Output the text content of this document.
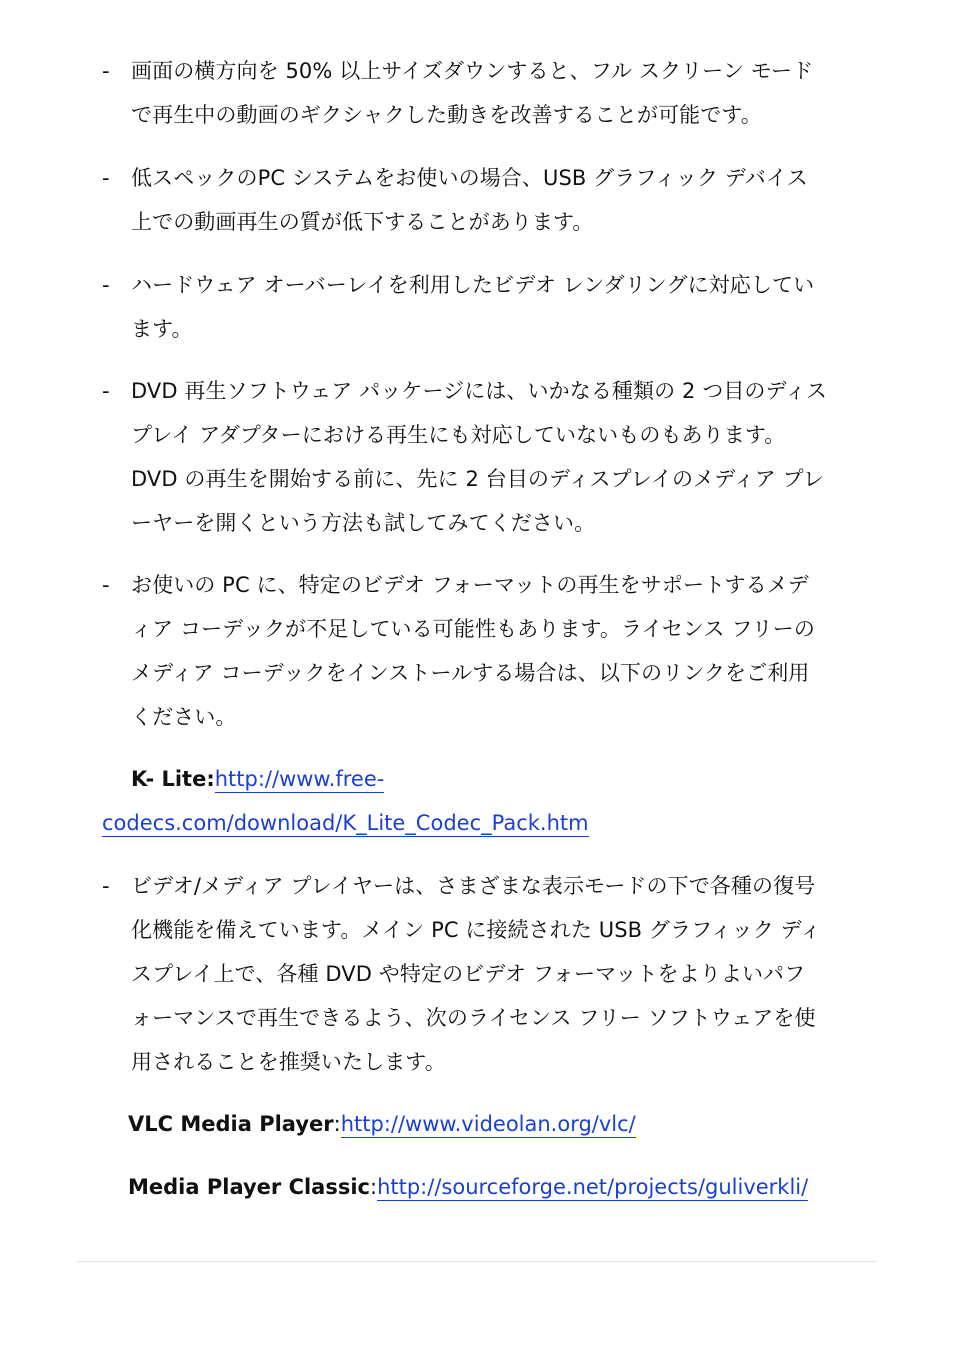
- 画面の横方向を 50% 以上サイズダウンすると、フル スクリーン モード
で再生中の動画のギクシャクした動きを改善することが可能です。
- 低スペックのPC システムをお使いの場合、USB グラフィック デバイス
上での動画再生の質が低下することがあります。
- ハードウェア オーバーレイを利用したビデオ レンダリングに対応してい
ます。
- DVD 再生ソフトウェア パッケージには、いかなる種類の 2 つ目のディス
プレイ アダプターにおける再生にも対応していないものもあります。
DVD の再生を開始する前に、先に 2 台目のディスプレイのメディア プレ
ーヤーを開くという方法も試してみてください。
- お使いの PC に、特定のビデオ フォーマットの再生をサポートするメデ
ィア コーデックが不足している可能性もあります。ライセンス フリーの
メディア コーデックをインストールする場合は、以下のリンクをご利用
ください。
K- Lite:http://www.free-
codecs.com/download/K_Lite_Codec_Pack.htm
- ビデオ/メディア プレイヤーは、さまざまな表示モードの下で各種の復号
化機能を備えています。メイン PC に接続された USB グラフィック ディ
スプレイ上で、各種 DVD や特定のビデオ フォーマットをよりよいパフ
ォーマンスで再生できるよう、次のライセンス フリー ソフトウェアを使
用されることを推奨いたします。
VLC Media Player:http://www.videolan.org/vlc/
Media Player Classic:http://sourceforge.net/projects/guliverkli/
